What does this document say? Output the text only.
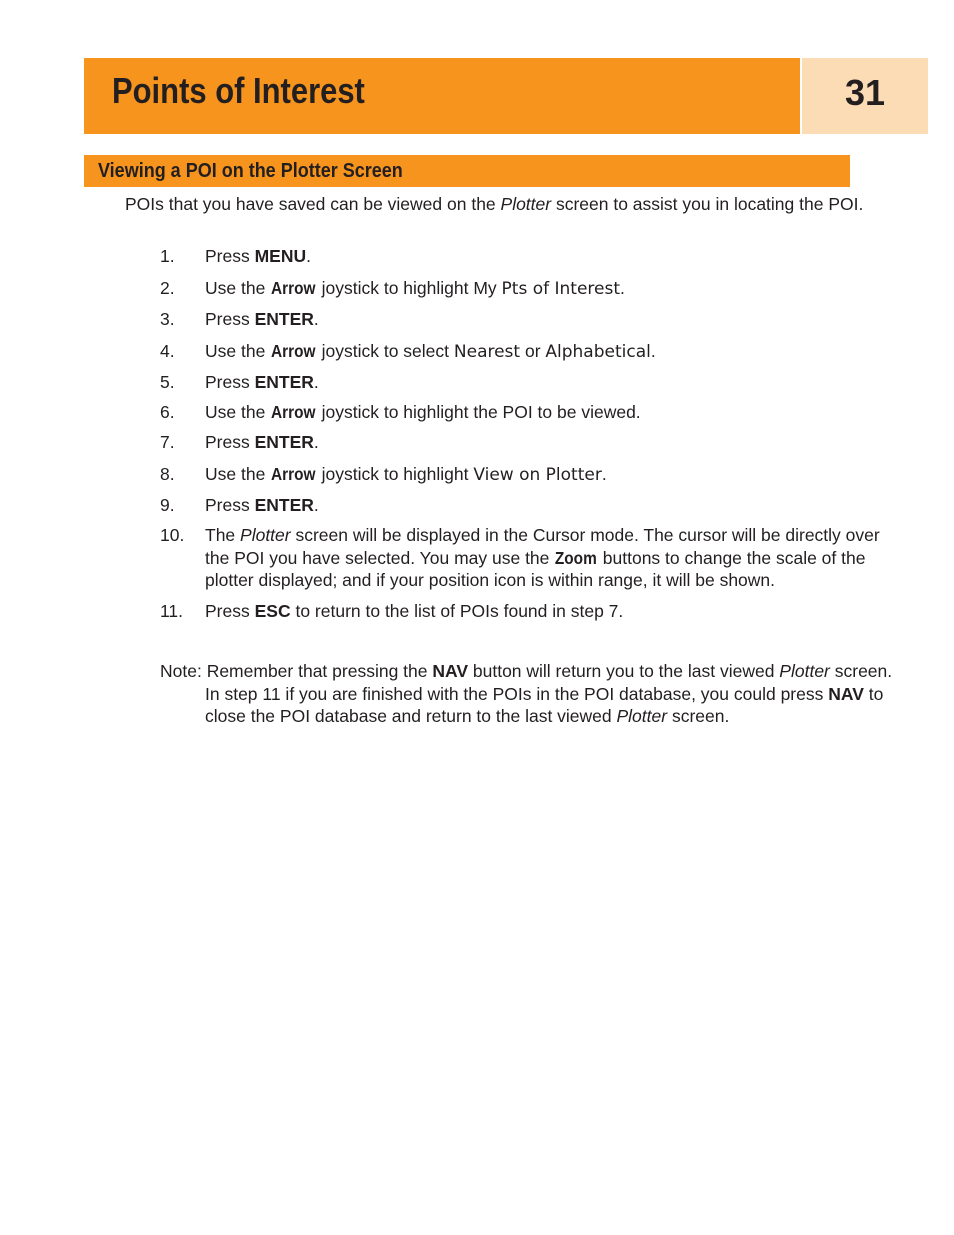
Points of Interest	31
Viewing a POI on the Plotter Screen

POIs that you have saved can be viewed on the Plotter screen to assist you in locating the POI.

1. Press MENU.
2. Use the Arrow joystick to highlight My Pts of Interest.
3. Press ENTER.
4. Use the Arrow joystick to select Nearest or Alphabetical.
5. Press ENTER.
6. Use the Arrow joystick to highlight the POI to be viewed.
7. Press ENTER.
8. Use the Arrow joystick to highlight View on Plotter.
9. Press ENTER.
10. The Plotter screen will be displayed in the Cursor mode. The cursor will be directly over the POI you have selected. You may use the Zoom buttons to change the scale of the plotter displayed; and if your position icon is within range, it will be shown.
11. Press ESC to return to the list of POIs found in step 7.
Note: Remember that pressing the NAV button will return you to the last viewed Plotter screen. In step 11 if you are finished with the POIs in the POI database, you could press NAV to close the POI database and return to the last viewed Plotter screen.
